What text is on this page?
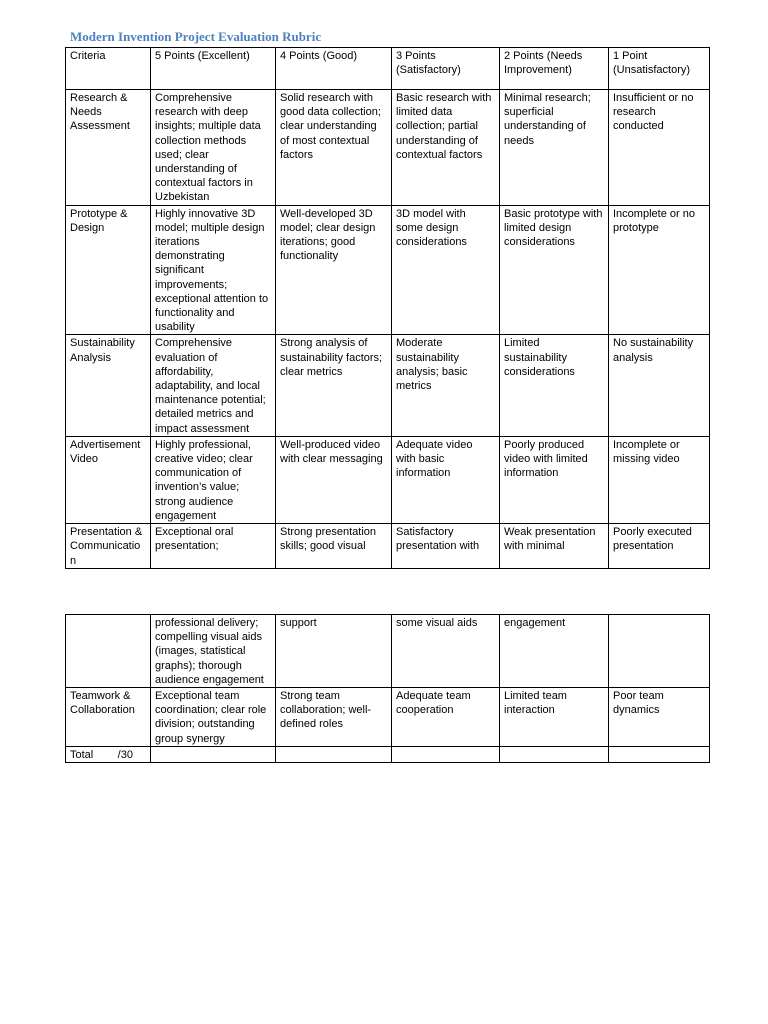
Modern Invention Project Evaluation Rubric
Criteria	5 Points (Excellent)	4 Points (Good)	3 Points (Satisfactory)	2 Points (Needs Improvement)	1 Point (Unsatisfactory)
Research & Needs Assessment	Comprehensive research with deep insights; multiple data collection methods used; clear understanding of contextual factors in Uzbekistan	Solid research with good data collection; clear understanding of most contextual factors	Basic research with limited data collection; partial understanding of contextual factors	Minimal research; superficial understanding of needs	Insufficient or no research conducted
Prototype & Design	Highly innovative 3D model; multiple design iterations demonstrating significant improvements; exceptional attention to functionality and usability	Well-developed 3D model; clear design iterations; good functionality	3D model with some design considerations	Basic prototype with limited design considerations	Incomplete or no prototype
Sustainability Analysis	Comprehensive evaluation of affordability, adaptability, and local maintenance potential; detailed metrics and impact assessment	Strong analysis of sustainability factors; clear metrics	Moderate sustainability analysis; basic metrics	Limited sustainability considerations	No sustainability analysis
Advertisement Video	Highly professional, creative video; clear communication of invention’s value; strong audience engagement	Well-produced video with clear messaging	Adequate video with basic information	Poorly produced video with limited information	Incomplete or missing video
Presentation & Communication	Exceptional oral presentation;	Strong presentation skills; good visual	Satisfactory presentation with	Weak presentation with minimal	Poorly executed presentation
	professional delivery; compelling visual aids (images, statistical graphs); thorough audience engagement	support	some visual aids	engagement	
Teamwork & Collaboration	Exceptional team coordination; clear role division; outstanding group synergy	Strong team collaboration; well-defined roles	Adequate team cooperation	Limited team interaction	Poor team dynamics
Total        /30					
